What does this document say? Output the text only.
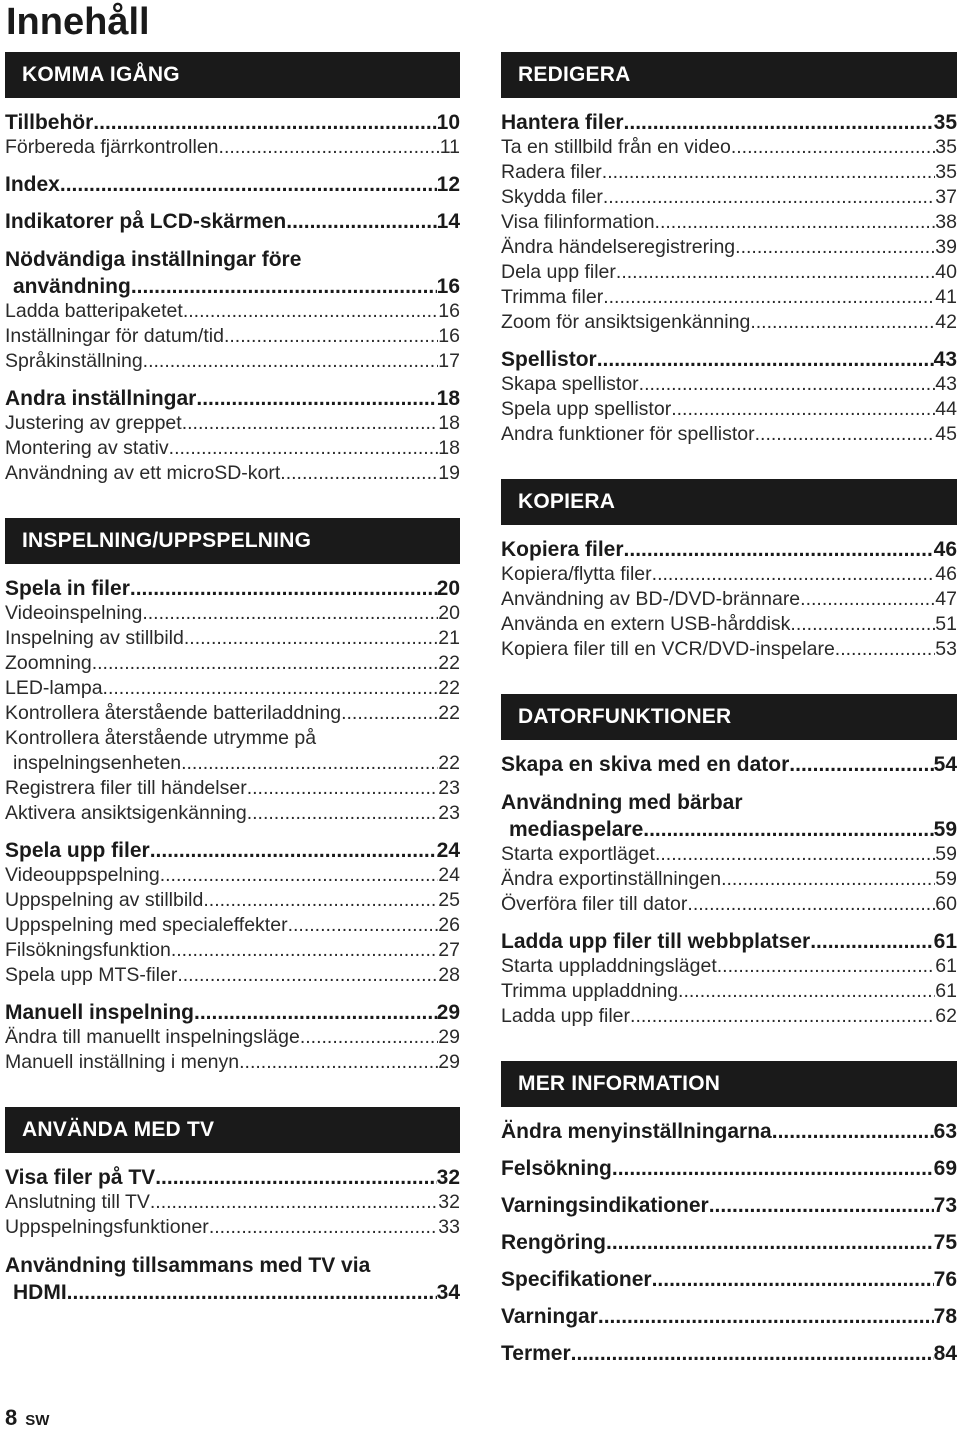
Innehåll
KOMMA IGÅNG
Tillbehör .....	10
Förbereda fjärrkontrollen .....	11
Index .....	12
Indikatorer på LCD-skärmen .....	14
Nödvändiga inställningar före
användning .....	16
Ladda batteripaketet .....	16
Inställningar för datum/tid .....	16
Språkinställning .....	17
Andra inställningar .....	18
Justering av greppet .....	18
Montering av stativ .....	18
Användning av ett microSD-kort .....	19
INSPELNING/UPPSPELNING
Spela in filer .....	20
Videoinspelning .....	20
Inspelning av stillbild .....	21
Zoomning .....	22
LED-lampa .....	22
Kontrollera återstående batteriladdning .....	22
Kontrollera återstående utrymme på
inspelningsenheten .....	22
Registrera filer till händelser .....	23
Aktivera ansiktsigenkänning. .....	23
Spela upp filer .....	24
Videouppspelning .....	24
Uppspelning av stillbild .....	25
Uppspelning med specialeffekter .....	26
Filsökningsfunktion .....	27
Spela upp MTS-filer .....	28
Manuell inspelning .....	29
Ändra till manuellt inspelningsläge .....	29
Manuell inställning i menyn .....	29
ANVÄNDA MED TV
Visa filer på TV .....	32
Anslutning till TV .....	32
Uppspelningsfunktioner .....	33
Användning tillsammans med TV via
HDMI .....	34
REDIGERA
Hantera filer .....	35
Ta en stillbild från en video .....	35
Radera filer .....	35
Skydda filer .....	37
Visa filinformation .....	38
Ändra händelseregistrering .....	39
Dela upp filer .....	40
Trimma filer .....	41
Zoom för ansiktsigenkänning .....	42
Spellistor .....	43
Skapa spellistor .....	43
Spela upp spellistor .....	44
Andra funktioner för spellistor .....	45
KOPIERA
Kopiera filer .....	46
Kopiera/flytta filer .....	46
Användning av BD-/DVD-brännare .....	47
Använda en extern USB-hårddisk .....	51
Kopiera filer till en VCR/DVD-inspelare .....	53
DATORFUNKTIONER
Skapa en skiva med en dator .....	54
Användning med bärbar
mediaspelare .....	59
Starta exportläget .....	59
Ändra exportinställningen .....	59
Överföra filer till dator .....	60
Ladda upp filer till webbplatser .....	61
Starta uppladdningsläget .....	61
Trimma uppladdning .....	61
Ladda upp filer .....	62
MER INFORMATION
Ändra menyinställningarna .....	63
Felsökning .....	69
Varningsindikationer .....	73
Rengöring .....	75
Specifikationer .....	76
Varningar .....	78
Termer .....	84
8 SW
